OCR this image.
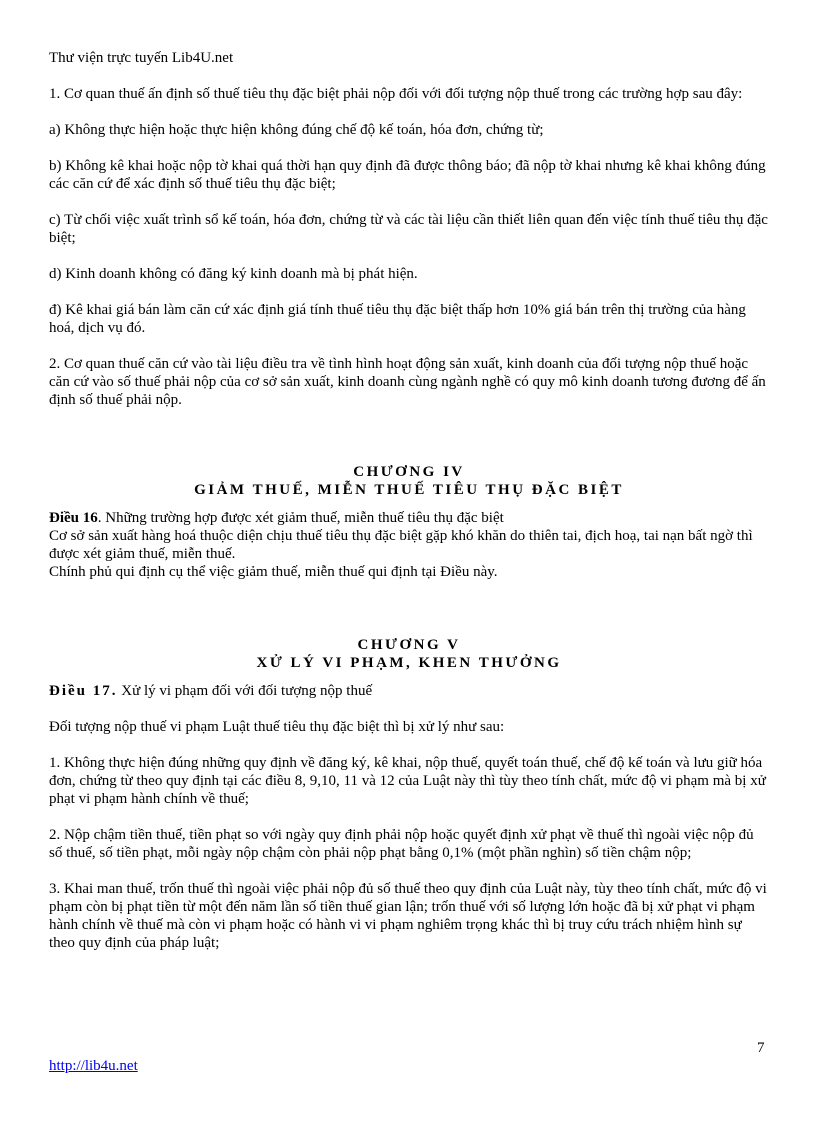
Thư viện trực tuyến Lib4U.net

1. Cơ quan thuế ấn định số thuế tiêu thụ đặc biệt phải nộp đối với đối tượng nộp thuế trong các trường hợp sau đây:

a) Không thực hiện hoặc thực hiện không đúng chế độ kế toán, hóa đơn, chứng từ;

b) Không kê khai hoặc nộp tờ khai quá thời hạn quy định đã được thông báo; đã nộp tờ khai nhưng kê khai không đúng các căn cứ để xác định số thuế tiêu thụ đặc biệt;

c) Từ chối việc xuất trình sổ kế toán, hóa đơn, chứng từ và các tài liệu cần thiết liên quan đến việc tính thuế tiêu thụ đặc biệt;

d) Kinh doanh không có đăng ký kinh doanh mà bị phát hiện.

đ) Kê khai giá bán làm căn cứ xác định giá tính thuế tiêu thụ đặc biệt thấp hơn 10% giá bán trên thị trường của hàng hoá, dịch vụ đó.

2. Cơ quan thuế căn cứ vào tài liệu điều tra về tình hình hoạt động sản xuất, kinh doanh của đối tượng nộp thuế hoặc căn cứ vào số thuế phải nộp của cơ sở sản xuất, kinh doanh cùng ngành nghề có quy mô kinh doanh tương đương để ấn định số thuế phải nộp.

CHƯƠNG IV

GIẢM THUẾ, MIỄN THUẾ TIÊU THỤ ĐẶC BIỆT

Điều 16. Những trường hợp được xét giảm thuế, miễn thuế tiêu thụ đặc biệt

Cơ sở sản xuất hàng hoá thuộc diện chịu thuế tiêu thụ đặc biệt gặp khó khăn do thiên tai, địch hoạ, tai nạn bất ngờ thì được xét giảm thuế, miễn thuế.

Chính phủ qui định cụ thể việc giảm thuế, miễn thuế qui định tại Điều này.

CHƯƠNG V

XỬ LÝ VI PHẠM, KHEN THƯỞNG

Điều 17. Xử lý vi phạm đối với đối tượng nộp thuế

Đối tượng nộp thuế vi phạm Luật thuế tiêu thụ đặc biệt thì bị xử lý như sau:

1. Không thực hiện đúng những quy định về đăng ký, kê khai, nộp thuế, quyết toán thuế, chế độ kế toán và lưu giữ hóa đơn, chứng từ theo quy định tại các điều 8, 9,10, 11 và 12 của Luật này thì tùy theo tính chất, mức độ vi phạm mà bị xử phạt vi phạm hành chính về thuế;

2. Nộp chậm tiền thuế, tiền phạt so với ngày quy định phải nộp hoặc quyết định xử phạt về thuế thì ngoài việc nộp đủ số thuế, số tiền phạt, mỗi ngày nộp chậm còn phải nộp phạt bằng 0,1% (một phần nghìn) số tiền chậm nộp;

3. Khai man thuế, trốn thuế thì ngoài việc phải nộp đủ số thuế theo quy định của Luật này, tùy theo tính chất, mức độ vi phạm còn bị phạt tiền từ một đến năm lần số tiền thuế gian lận; trốn thuế với số lượng lớn hoặc đã bị xử phạt vi phạm hành chính về thuế mà còn vi phạm hoặc có hành vi vi phạm nghiêm trọng khác thì bị truy cứu trách nhiệm hình sự theo quy định của pháp luật;

7
http://lib4u.net
